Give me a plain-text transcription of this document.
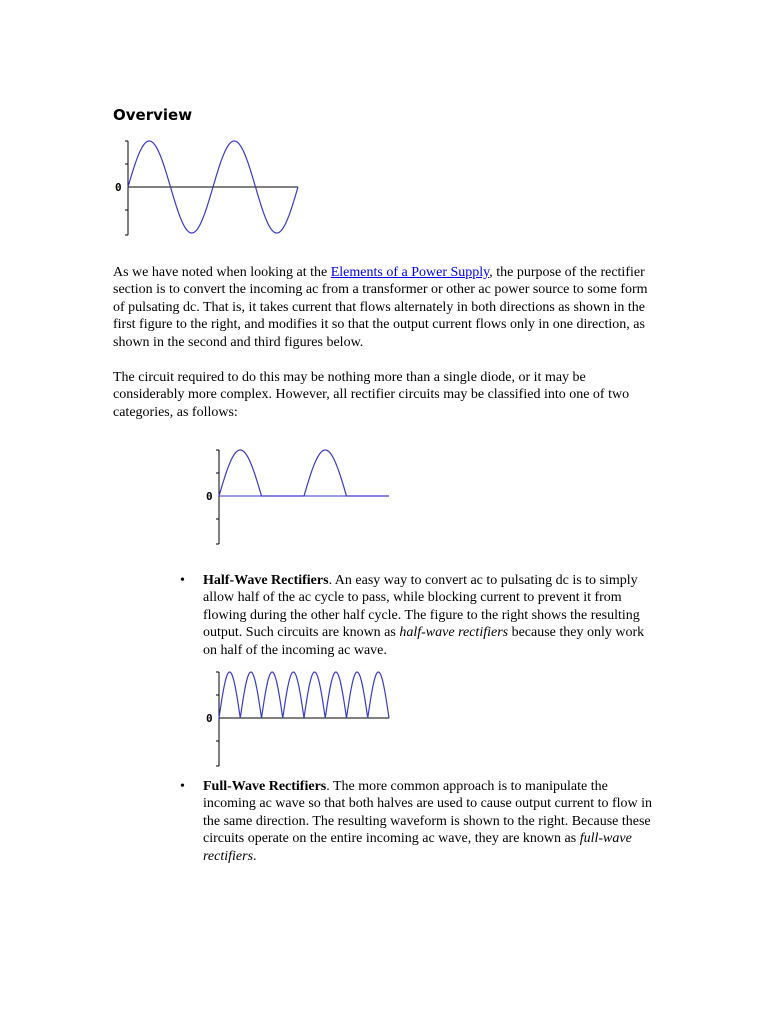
Overview
0

As we have noted when looking at the Elements of a Power Supply, the purpose of the rectifier section is to convert the incoming ac from a transformer or other ac power source to some form of pulsating dc. That is, it takes current that flows alternately in both directions as shown in the first figure to the right, and modifies it so that the output current flows only in one direction, as shown in the second and third figures below.

The circuit required to do this may be nothing more than a single diode, or it may be considerably more complex. However, all rectifier circuits may be classified into one of two categories, as follows:

0
• Half-Wave Rectifiers. An easy way to convert ac to pulsating dc is to simply allow half of the ac cycle to pass, while blocking current to prevent it from flowing during the other half cycle. The figure to the right shows the resulting output. Such circuits are known as half-wave rectifiers because they only work on half of the incoming ac wave.
0
• Full-Wave Rectifiers. The more common approach is to manipulate the incoming ac wave so that both halves are used to cause output current to flow in the same direction. The resulting waveform is shown to the right. Because these circuits operate on the entire incoming ac wave, they are known as full-wave rectifiers.
